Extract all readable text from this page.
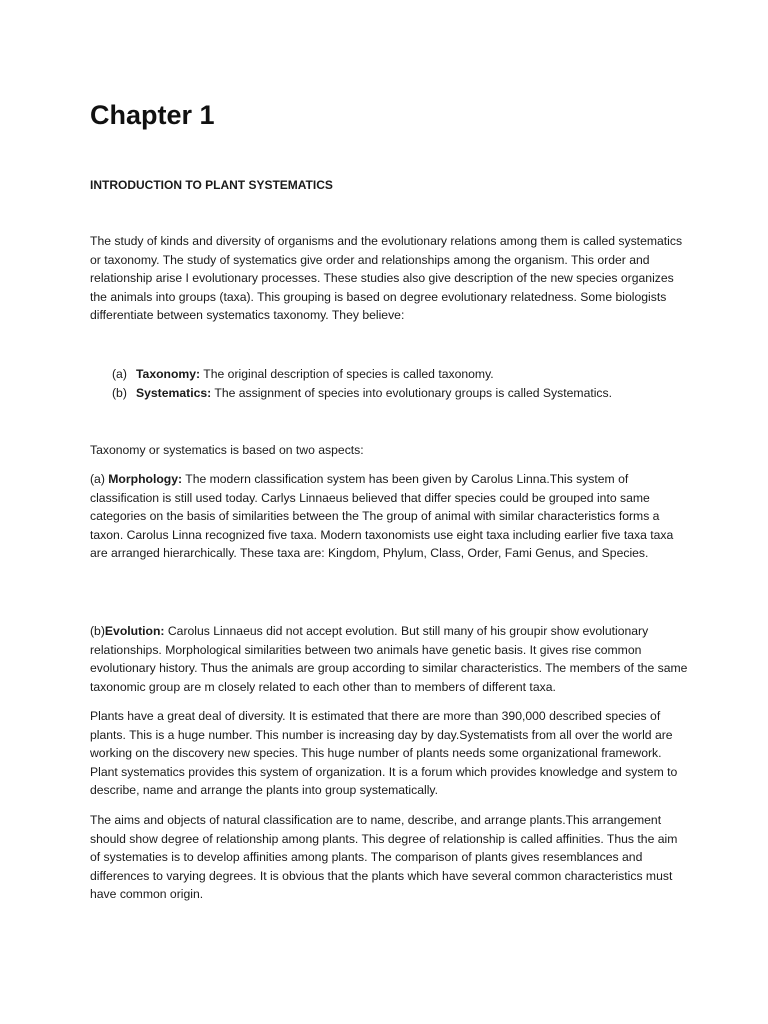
Chapter 1
INTRODUCTION TO PLANT SYSTEMATICS

The study of kinds and diversity of organisms and the evolutionary relations among them is called systematics or taxonomy. The study of systematics give order and relationships among the organism. This order and relationship arise I evolutionary processes. These studies also give description of the new species organizes the animals into groups (taxa). This grouping is based on degree evolutionary relatedness. Some biologists differentiate between systematics taxonomy. They believe:

(a) Taxonomy: The original description of species is called taxonomy.
(b) Systematics: The assignment of species into evolutionary groups is called Systematics.

Taxonomy or systematics is based on two aspects:

(a) Morphology: The modern classification system has been given by Carolus Linna.This system of classification is still used today. Carlys Linnaeus believed that differ species could be grouped into same categories on the basis of similarities between the The group of animal with similar characteristics forms a taxon. Carolus Linna recognized five taxa. Modern taxonomists use eight taxa including earlier five taxa taxa are arranged hierarchically. These taxa are: Kingdom, Phylum, Class, Order, Fami Genus, and Species.

(b)Evolution: Carolus Linnaeus did not accept evolution. But still many of his groupir show evolutionary relationships. Morphological similarities between two animals have genetic basis. It gives rise common evolutionary history. Thus the animals are group according to similar characteristics. The members of the same taxonomic group are m closely related to each other than to members of different taxa.

Plants have a great deal of diversity. It is estimated that there are more than 390,000 described species of plants. This is a huge number. This number is increasing day by day.Systematists from all over the world are working on the discovery new species. This huge number of plants needs some organizational framework. Plant systematics provides this system of organization. It is a forum which provides knowledge and system to describe, name and arrange the plants into group systematically.

The aims and objects of natural classification are to name, describe, and arrange plants.This arrangement should show degree of relationship among plants. This degree of relationship is called affinities. Thus the aim of systematies is to develop affinities among plants. The comparison of plants gives resemblances and differences to varying degrees. It is obvious that the plants which have several common characteristics must have common origin.
